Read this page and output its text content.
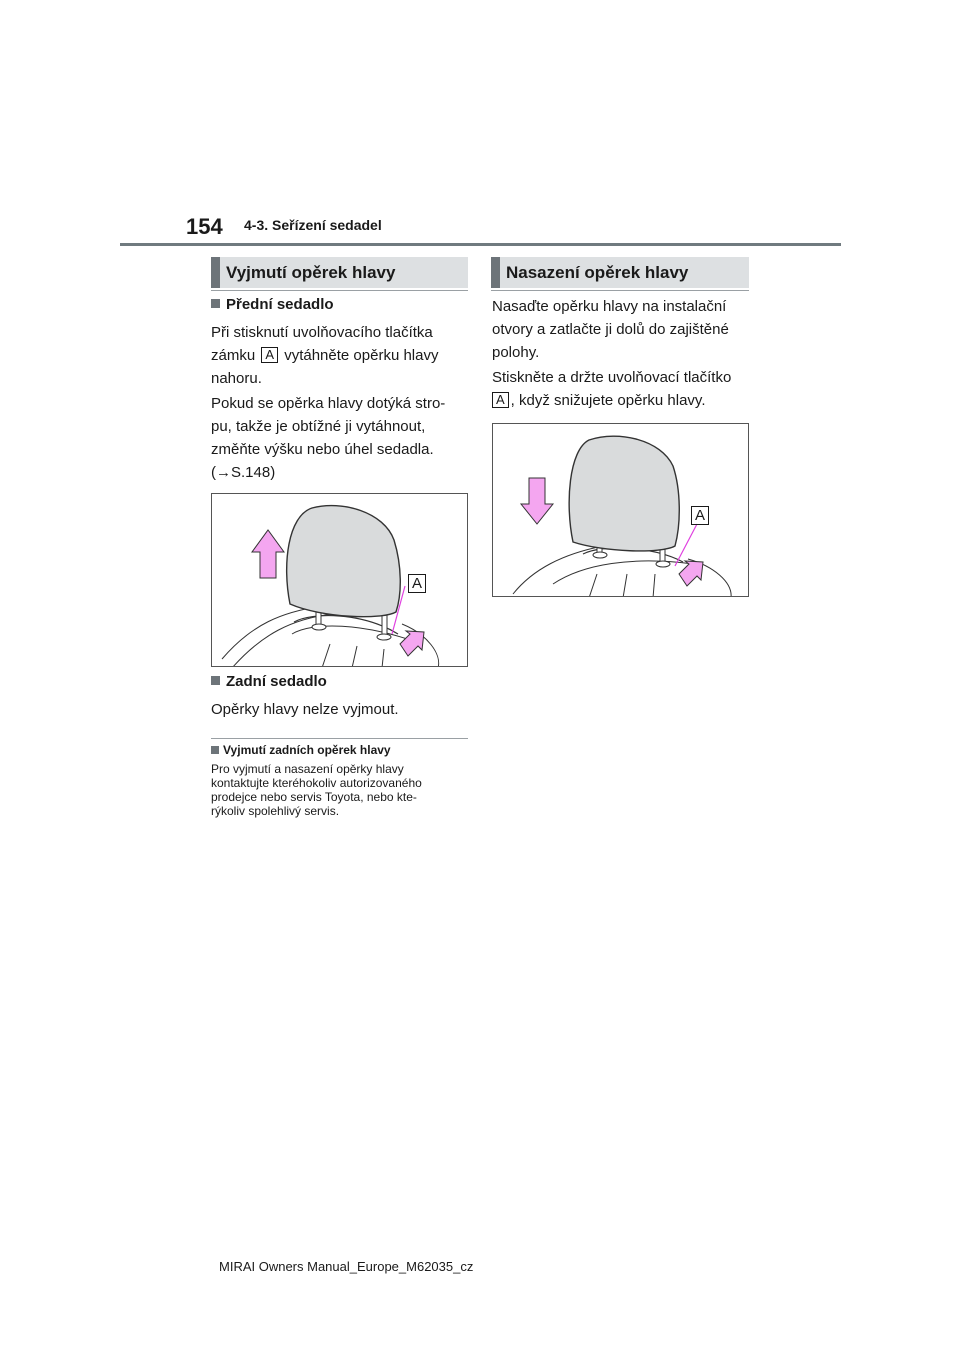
154 4-3. Seřízení sedadel
Vyjmutí opěrek hlavy
Přední sedadlo

Při stisknutí uvolňovacího tlačítka

zámku A vytáhněte opěrku hlavy

nahoru.

Pokud se opěrka hlavy dotýká stro-

pu, takže je obtížné ji vytáhnout,

změňte výšku nebo úhel sedadla.

(→S.148)

A
Zadní sedadlo
Opěrky hlavy nelze vyjmout.
Vyjmutí zadních opěrek hlavy
Pro vyjmutí a nasazení opěrky hlavy
kontaktujte kteréhokoliv autorizovaného
prodejce nebo servis Toyota, nebo kte-
rýkoliv spolehlivý servis.
Nasazení opěrek hlavy

Nasaďte opěrku hlavy na instalační

otvory a zatlačte ji dolů do zajištěné

polohy.

Stiskněte a držte uvolňovací tlačítko

A , když snižujete opěrku hlavy.

A
MIRAI Owners Manual_Europe_M62035_cz
